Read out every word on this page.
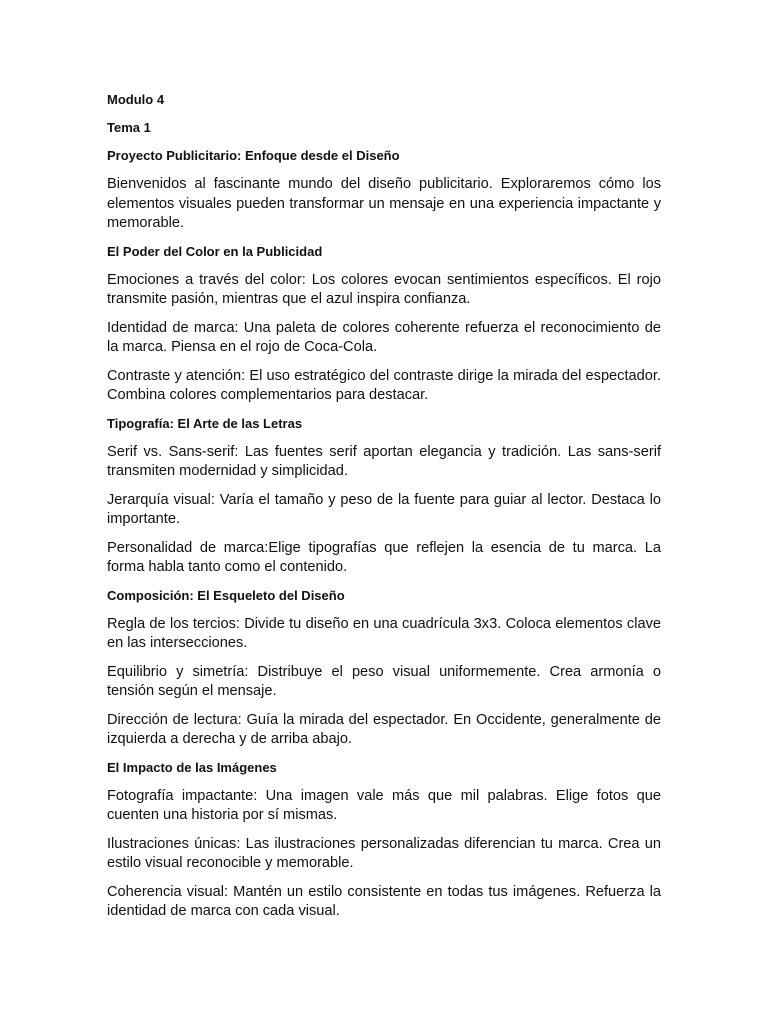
Modulo 4
Tema 1
Proyecto Publicitario: Enfoque desde el Diseño
Bienvenidos al fascinante mundo del diseño publicitario. Exploraremos cómo los elementos visuales pueden transformar un mensaje en una experiencia impactante y memorable.
El Poder del Color en la Publicidad
Emociones a través del color: Los colores evocan sentimientos específicos. El rojo transmite pasión, mientras que el azul inspira confianza.
Identidad de marca: Una paleta de colores coherente refuerza el reconocimiento de la marca. Piensa en el rojo de Coca-Cola.
Contraste y atención: El uso estratégico del contraste dirige la mirada del espectador. Combina colores complementarios para destacar.
Tipografía: El Arte de las Letras
Serif vs. Sans-serif: Las fuentes serif aportan elegancia y tradición. Las sans-serif transmiten modernidad y simplicidad.
Jerarquía visual: Varía el tamaño y peso de la fuente para guiar al lector. Destaca lo importante.
Personalidad de marca:Elige tipografías que reflejen la esencia de tu marca. La forma habla tanto como el contenido.
Composición: El Esqueleto del Diseño
Regla de los tercios: Divide tu diseño en una cuadrícula 3x3. Coloca elementos clave en las intersecciones.
Equilibrio y simetría: Distribuye el peso visual uniformemente. Crea armonía o tensión según el mensaje.
Dirección de lectura: Guía la mirada del espectador. En Occidente, generalmente de izquierda a derecha y de arriba abajo.
El Impacto de las Imágenes
Fotografía impactante: Una imagen vale más que mil palabras. Elige fotos que cuenten una historia por sí mismas.
Ilustraciones únicas: Las ilustraciones personalizadas diferencian tu marca. Crea un estilo visual reconocible y memorable.
Coherencia visual: Mantén un estilo consistente en todas tus imágenes. Refuerza la identidad de marca con cada visual.
